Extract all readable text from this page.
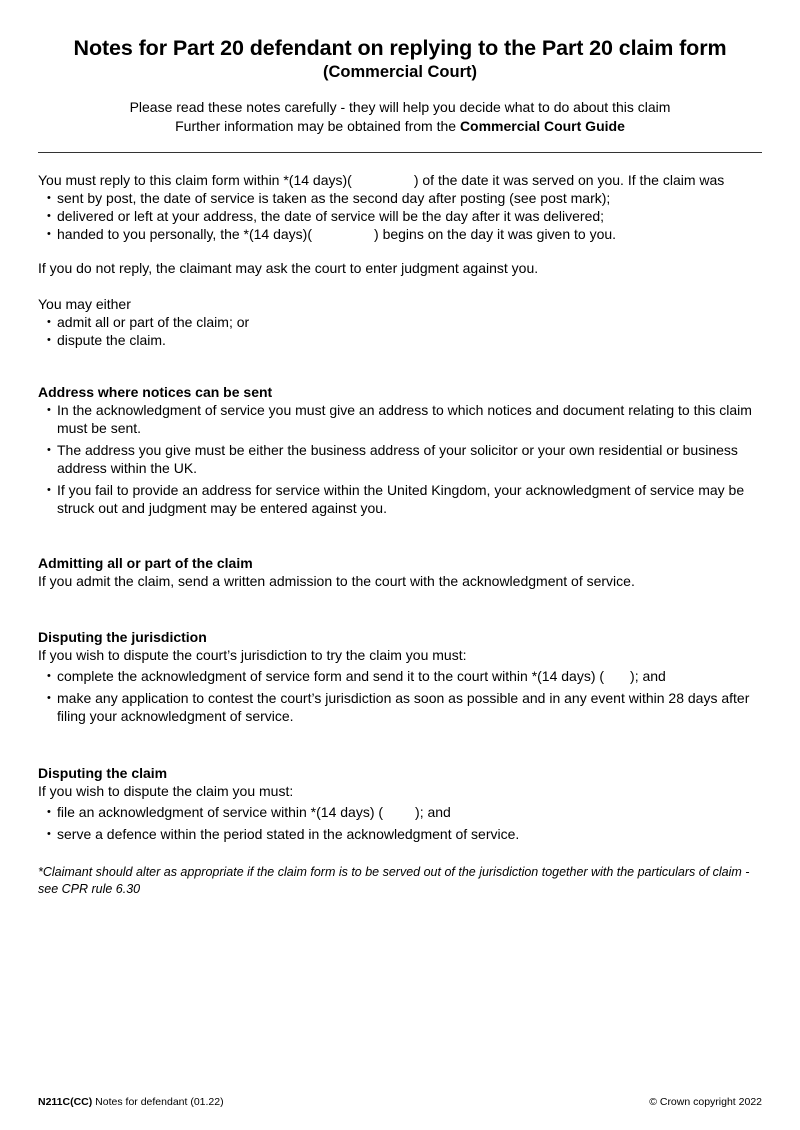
Notes for Part 20 defendant on replying to the Part 20 claim form
(Commercial Court)
Please read these notes carefully - they will help you decide what to do about this claim
Further information may be obtained from the Commercial Court Guide

You must reply to this claim form within *(14 days)(	) of the date it was served on you. If the claim was

• sent by post, the date of service is taken as the second day after posting (see post mark);
• delivered or left at your address, the date of service will be the day after it was delivered;
• handed to you personally, the *(14 days)(	) begins on the day it was given to you.

If you do not reply, the claimant may ask the court to enter judgment against you.

You may either

• admit all or part of the claim; or
• dispute the claim.

Address where notices can be sent

• In the acknowledgment of service you must give an address to which notices and document relating to this claim must be sent.
• The address you give must be either the business address of your solicitor or your own residential or business address within the UK.
• If you fail to provide an address for service within the United Kingdom, your acknowledgment of service may be struck out and judgment may be entered against you.

Admitting all or part of the claim

If you admit the claim, send a written admission to the court with the acknowledgment of service.

Disputing the jurisdiction

If you wish to dispute the court’s jurisdiction to try the claim you must:

• complete the acknowledgment of service form and send it to the court within *(14 days) ( ); and
• make any application to contest the court’s jurisdiction as soon as possible and in any event within 28 days after filing your acknowledgment of service.

Disputing the claim

If you wish to dispute the claim you must:

• file an acknowledgment of service within *(14 days) ( ); and
• serve a defence within the period stated in the acknowledgment of service.
*Claimant should alter as appropriate if the claim form is to be served out of the jurisdiction together with the particulars of claim - see CPR rule 6.30
N211C(CC) Notes for defendant (01.22)	© Crown copyright 2022
